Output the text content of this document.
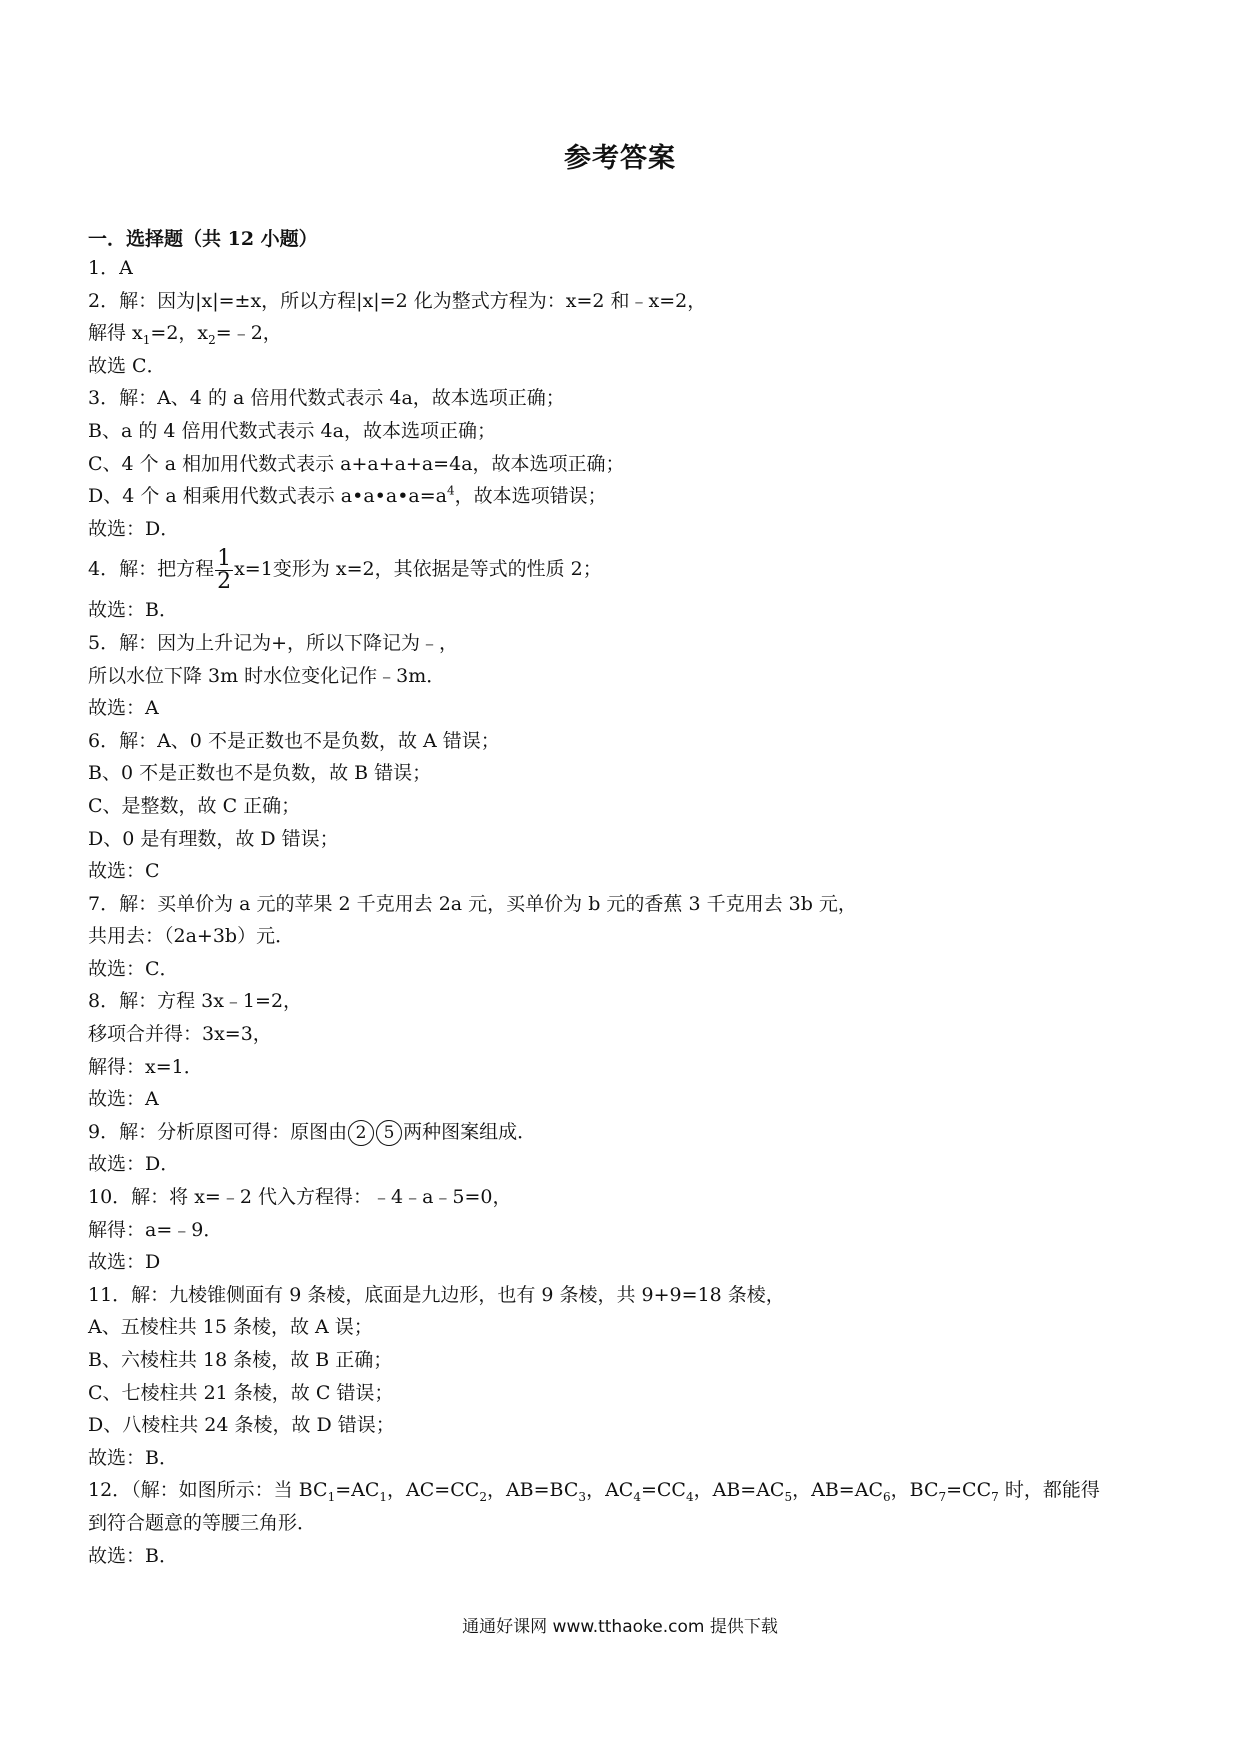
参考答案
一．选择题（共 12 小题）
1．A
2．解：因为|x|=±x，所以方程|x|=2 化为整式方程为：x=2 和﹣x=2，
解得 $x_1=2$，$x_2=﹣2$，
故选 C．
3．解：A、4 的 a 倍用代数式表示 4a，故本选项正确；
B、a 的 4 倍用代数式表示 4a，故本选项正确；
C、4 个 a 相加用代数式表示 a+a+a+a=4a，故本选项正确；
D、4 个 a 相乘用代数式表示 $a•a•a•a=a^4$，故本选项错误；
故选：D．
4．解：把方程 $\frac{1}{2} x=1$变形为 x=2，其依据是等式的性质 2；
故选：B．
5．解：因为上升记为+，所以下降记为﹣，
所以水位下降 3m 时水位变化记作﹣3m．
故选：A
6．解：A、0 不是正数也不是负数，故 A 错误；
B、0 不是正数也不是负数，故 B 错误；
C、是整数，故 C 正确；
D、0 是有理数，故 D 错误；
故选：C
7．解：买单价为 a 元的苹果 2 千克用去 2a 元，买单价为 b 元的香蕉 3 千克用去 3b 元，
共用去：（2a+3b）元．
故选：C．
8．解：方程 3x﹣1=2，
移项合并得：3x=3，
解得：x=1．
故选：A
9．解：分析原图可得：原图由 2 5 两种图案组成．
故选：D．
10．解：将 x=﹣2 代入方程得：﹣4﹣a﹣5=0，
解得：a=﹣9．
故选：D
11．解：九棱锥侧面有 9 条棱，底面是九边形，也有 9 条棱，共 9+9=18 条棱，
A、五棱柱共 15 条棱，故 A 误；
B、六棱柱共 18 条棱，故 B 正确；
C、七棱柱共 21 条棱，故 C 错误；
D、八棱柱共 24 条棱，故 D 错误；
故选：B．
12．（解：如图所示：当 $BC_1=AC_1$，$AC=CC_2$，$AB=BC_3$，$AC_4=CC_4$，$AB=AC_5$，$AB=AC_6$，$BC_7=CC_7$ 时，都能得
到符合题意的等腰三角形．
故选：B．
通通好课网 www.tthaoke.com 提供下载
